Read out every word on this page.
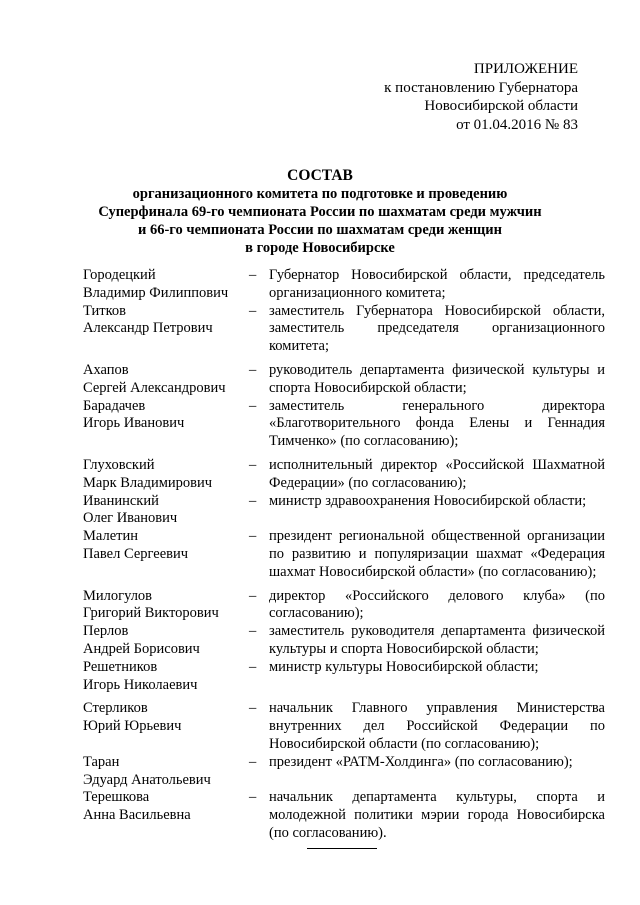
ПРИЛОЖЕНИЕ
к постановлению Губернатора
Новосибирской области
от 01.04.2016 № 83
СОСТАВ
организационного комитета по подготовке и проведению
Суперфинала 69-го чемпионата России по шахматам среди мужчин
и 66-го чемпионата России по шахматам среди женщин
в городе Новосибирске
Городецкий
Владимир Филиппович
– Губернатор Новосибирской области, председатель организационного комитета;
Титков
Александр Петрович
– заместитель Губернатора Новосибирской области, заместитель председателя организационного комитета;
Ахапов
Сергей Александрович
– руководитель департамента физической культуры и спорта Новосибирской области;
Барадачев
Игорь Иванович
– заместитель генерального директора «Благотворительного фонда Елены и Геннадия Тимченко» (по согласованию);
Глуховский
Марк Владимирович
– исполнительный директор «Российской Шахматной Федерации» (по согласованию);
Иванинский
Олег Иванович
– министр здравоохранения Новосибирской области;
Малетин
Павел Сергеевич
– президент региональной общественной организации по развитию и популяризации шахмат «Федерация шахмат Новосибирской области» (по согласованию);
Милогулов
Григорий Викторович
– директор «Российского делового клуба» (по согласованию);
Перлов
Андрей Борисович
– заместитель руководителя департамента физической культуры и спорта Новосибирской области;
Решетников
Игорь Николаевич
– министр культуры Новосибирской области;
Стерликов
Юрий Юрьевич
– начальник Главного управления Министерства внутренних дел Российской Федерации по Новосибирской области (по согласованию);
Таран
Эдуард Анатольевич
– президент «РАТМ-Холдинга» (по согласованию);
Терешкова
Анна Васильевна
– начальник департамента культуры, спорта и молодежной политики мэрии города Новосибирска (по согласованию).
